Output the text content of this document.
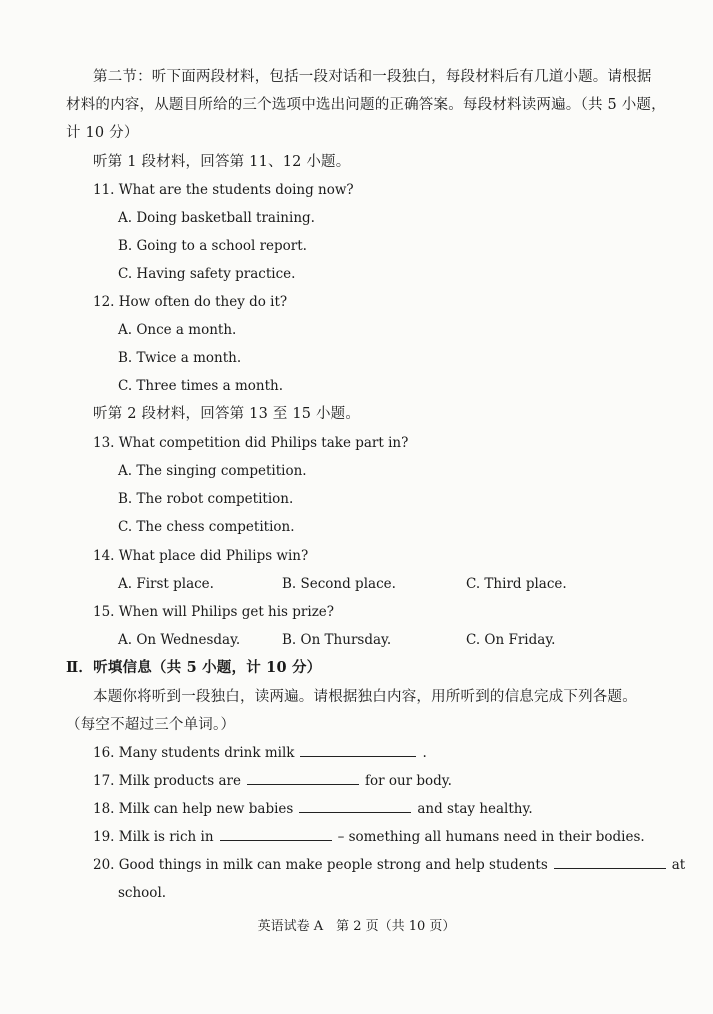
第二节：听下面两段材料，包括一段对话和一段独白，每段材料后有几道小题。请根据
材料的内容，从题目所给的三个选项中选出问题的正确答案。每段材料读两遍。（共 5 小题，
计 10 分）
听第 1 段材料，回答第 11、12 小题。
11. What are the students doing now?
A. Doing basketball training.
B. Going to a school report.
C. Having safety practice.
12. How often do they do it?
A. Once a month.
B. Twice a month.
C. Three times a month.
听第 2 段材料，回答第 13 至 15 小题。
13. What competition did Philips take part in?
A. The singing competition.
B. The robot competition.
C. The chess competition.
14. What place did Philips win?
A. First place.	B. Second place.	C. Third place.
15. When will Philips get his prize?
A. On Wednesday.	B. On Thursday.	C. On Friday.
Ⅱ．听填信息（共 5 小题，计 10 分）
本题你将听到一段独白，读两遍。请根据独白内容，用所听到的信息完成下列各题。
（每空不超过三个单词。）
16. Many students drink milk	.
17. Milk products are	for our body.
18. Milk can help new babies	and stay healthy.
19. Milk is rich in	– something all humans need in their bodies.
20. Good things in milk can make people strong and help students	at
school.
英语试卷 A　第 2 页（共 10 页）
